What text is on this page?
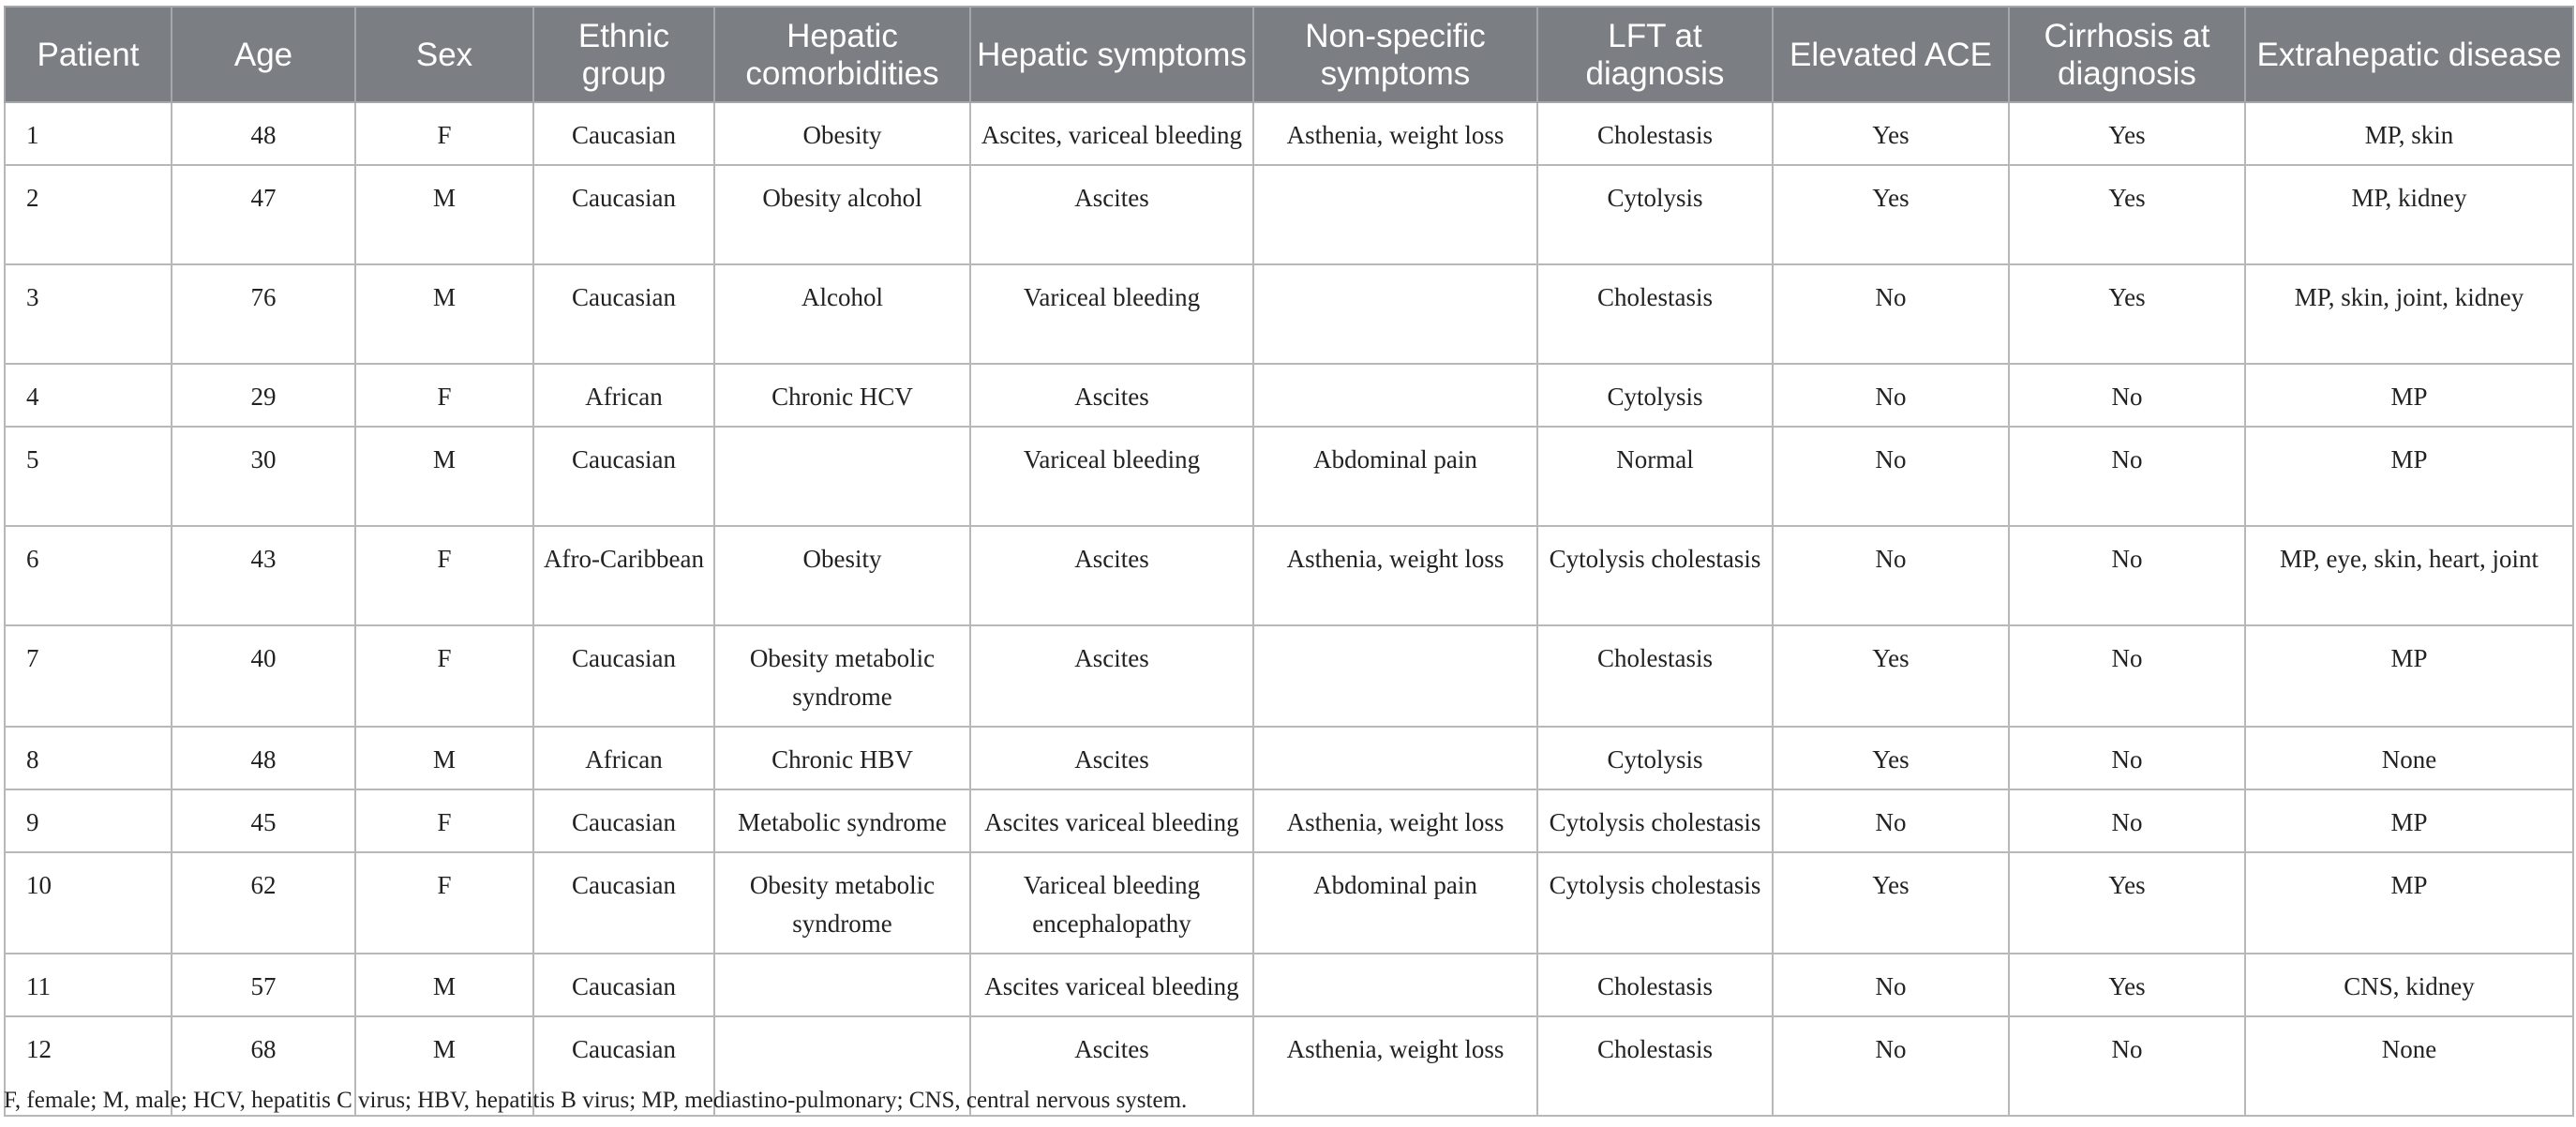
Patient	Age	Sex	Ethnic group	Hepatic comorbidities	Hepatic symptoms	Non-specific symptoms	LFT at diagnosis	Elevated ACE	Cirrhosis at diagnosis	Extrahepatic disease
1	48	F	Caucasian	Obesity	Ascites, variceal bleeding	Asthenia, weight loss	Cholestasis	Yes	Yes	MP, skin
2	47	M	Caucasian	Obesity alcohol	Ascites		Cytolysis	Yes	Yes	MP, kidney
3	76	M	Caucasian	Alcohol	Variceal bleeding		Cholestasis	No	Yes	MP, skin, joint, kidney
4	29	F	African	Chronic HCV	Ascites		Cytolysis	No	No	MP
5	30	M	Caucasian		Variceal bleeding	Abdominal pain	Normal	No	No	MP
6	43	F	Afro-Caribbean	Obesity	Ascites	Asthenia, weight loss	Cytolysis cholestasis	No	No	MP, eye, skin, heart, joint
7	40	F	Caucasian	Obesity metabolic syndrome	Ascites		Cholestasis	Yes	No	MP
8	48	M	African	Chronic HBV	Ascites		Cytolysis	Yes	No	None
9	45	F	Caucasian	Metabolic syndrome	Ascites variceal bleeding	Asthenia, weight loss	Cytolysis cholestasis	No	No	MP
10	62	F	Caucasian	Obesity metabolic syndrome	Variceal bleeding encephalopathy	Abdominal pain	Cytolysis cholestasis	Yes	Yes	MP
11	57	M	Caucasian		Ascites variceal bleeding		Cholestasis	No	Yes	CNS, kidney
12	68	M	Caucasian		Ascites	Asthenia, weight loss	Cholestasis	No	No	None
F, female; M, male; HCV, hepatitis C virus; HBV, hepatitis B virus; MP, mediastino-pulmonary; CNS, central nervous system.
